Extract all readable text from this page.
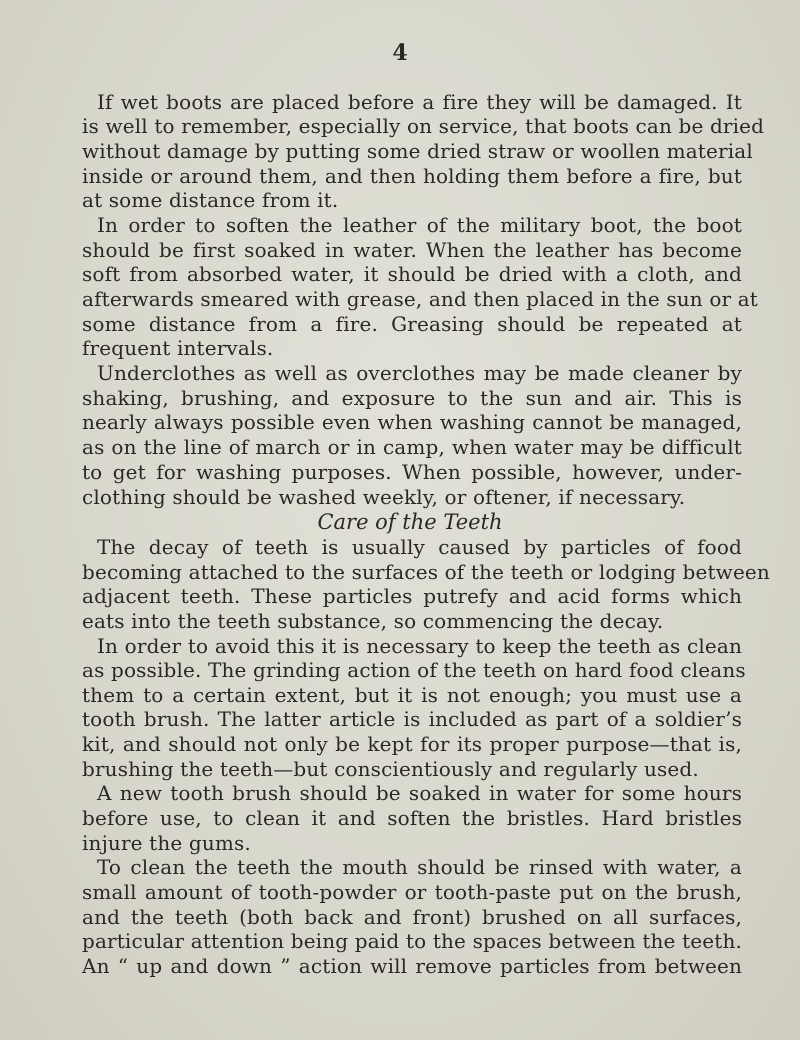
4
If wet boots are placed before a fire they will be damaged. It
is well to remember, especially on service, that boots can be dried
without damage by putting some dried straw or woollen material
inside or around them, and then holding them before a fire, but
at some distance from it.
In order to soften the leather of the military boot, the boot
should be first soaked in water. When the leather has become
soft from absorbed water, it should be dried with a cloth, and
afterwards smeared with grease, and then placed in the sun or at
some distance from a fire. Greasing should be repeated at
frequent intervals.
Underclothes as well as overclothes may be made cleaner by
shaking, brushing, and exposure to the sun and air. This is
nearly always possible even when washing cannot be managed,
as on the line of march or in camp, when water may be difficult
to get for washing purposes. When possible, however, under-
Care of the Teeth
The decay of teeth is usually caused by particles of food
becoming attached to the surfaces of the teeth or lodging between
adjacent teeth. These particles putrefy and acid forms which
eats into the teeth substance, so commencing the decay.
In order to avoid this it is necessary to keep the teeth as clean
as possible. The grinding action of the teeth on hard food cleans
them to a certain extent, but it is not enough; you must use a
tooth brush. The latter article is included as part of a soldier’s
kit, and should not only be kept for its proper purpose—that is,
brushing the teeth—but conscientiously and regularly used.
A new tooth brush should be soaked in water for some hours
before use, to clean it and soften the bristles. Hard bristles
injure the gums.
To clean the teeth the mouth should be rinsed with water, a
small amount of tooth-powder or tooth-paste put on the brush,
and the teeth (both back and front) brushed on all surfaces,
particular attention being paid to the spaces between the teeth.
An “ up and down ” action will remove particles from between
clothing should be washed weekly, or oftener, if necessary.
